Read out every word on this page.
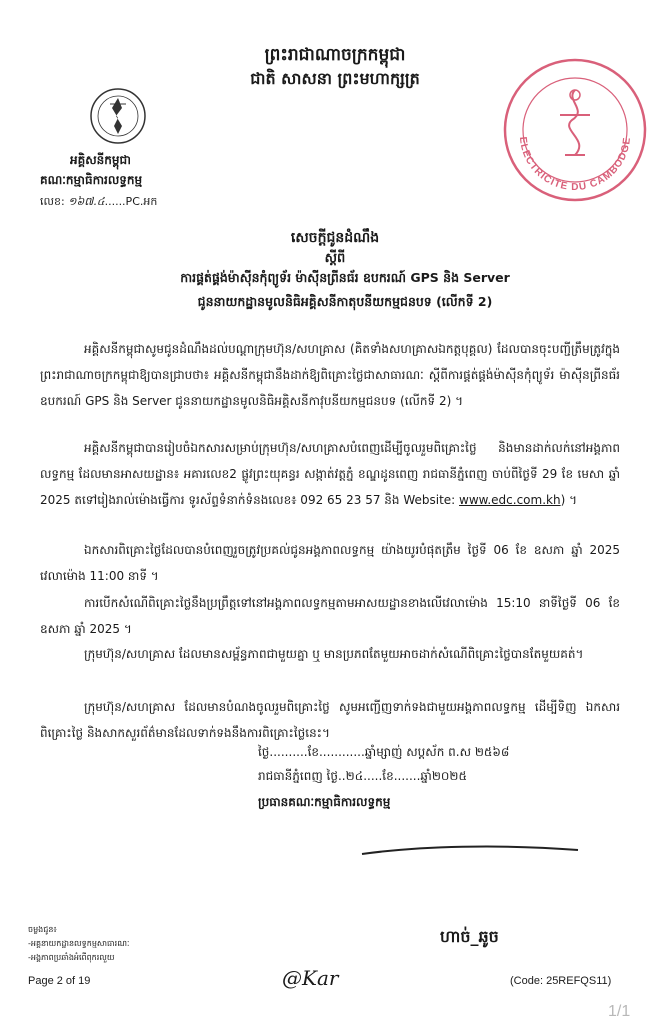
ព្រះរាជាណាចក្រកម្ពុជា
ជាតិ សាសនា ព្រះមហាក្សត្រ
អគ្គិសនីកម្ពុជា
គណៈកម្មាធិការលទ្ធកម្ម
លេខ: ១៦៧.៤......PC.អក
ELECTRICITE DU CAMBODGE
សេចក្តីជូនដំណឹង
ស្តីពី
ការផ្គត់ផ្គង់ម៉ាស៊ីនកុំព្យូទ័រ ម៉ាស៊ីនព្រីនធ័រ ឧបករណ៍ GPS និង Server
ជូននាយកដ្ឋានមូលនិធិអគ្គិសនីកាតុបនីយកម្មជនបទ (លើកទី 2)

អគ្គិសនីកម្ពុជាសូមជូនដំណឹងដល់បណ្តាក្រុមហ៊ុន/សហគ្រាស (គិតទាំងសហគ្រាសឯកត្តបុគ្គល) ដែលបានចុះបញ្ជីត្រឹមត្រូវក្នុងព្រះរាជាណាចក្រកម្ពុជាឱ្យបានជ្រាបថា៖ អគ្គិសនីកម្ពុជានឹងដាក់ឱ្យពិគ្រោះថ្លៃជាសាធារណៈ ស្តីពីការផ្គត់ផ្គង់ម៉ាស៊ីនកុំព្យូទ័រ ម៉ាស៊ីនព្រីនធ័រ ឧបករណ៍ GPS និង Server ជូននាយកដ្ឋានមូលនិធិអគ្គិសនីកាវុបនីយកម្មជនបទ (លើកទី 2) ។

អគ្គិសនីកម្ពុជាបានរៀបចំឯកសារសម្រាប់ក្រុមហ៊ុន/សហគ្រាសបំពេញដើម្បីចូលរួមពិគ្រោះថ្លៃ និងមានដាក់លក់នៅអង្គភាពលទ្ធកម្ម ដែលមានអាសយដ្ឋាន៖ អគារលេខ2 ផ្លូវព្រះយុគន្ធរ សង្កាត់វត្តភ្នំ ខណ្ឌដូនពេញ រាជធានីភ្នំពេញ ចាប់ពីថ្ងៃទី 29 ខែ មេសា ឆ្នាំ 2025 តទៅរៀងរាល់ម៉ោងធ្វើការ ទូរស័ព្ទទំនាក់ទំនងលេខ៖ 092 65 23 57 និង Website: www.edc.com.kh) ។

ឯកសារពិគ្រោះថ្លៃដែលបានបំពេញរួចត្រូវប្រគល់ជូនអង្គភាពលទ្ធកម្ម យ៉ាងយូរបំផុតត្រឹម ថ្ងៃទី 06 ខែ ឧសភា ឆ្នាំ 2025 វេលាម៉ោង 11:00 នាទី ។

ការបើកសំណើពិគ្រោះថ្លៃនឹងប្រព្រឹត្តទៅនៅអង្គភាពលទ្ធកម្មតាមអាសយដ្ឋានខាងលើវេលាម៉ោង 15:10 នាទីថ្ងៃទី 06 ខែ ឧសភា ឆ្នាំ 2025 ។

ក្រុមហ៊ុន/សហគ្រាស ដែលមានសម្ព័ន្ធភាពជាមួយគ្នា ឬ មានប្រភពតែមួយអាចដាក់សំណើពិគ្រោះថ្លៃបានតែមួយគត់។

ក្រុមហ៊ុន/សហគ្រាស ដែលមានបំណងចូលរួមពិគ្រោះថ្លៃ សូមអញ្ជើញទាក់ទងជាមួយអង្គភាពលទ្ធកម្ម ដើម្បីទិញ ឯកសារពិគ្រោះថ្លៃ និងសាកសួរព័ត៌មានដែលទាក់ទងនឹងការពិគ្រោះថ្លៃនេះ។

ថ្ងៃ..........ខែ............ឆ្នាំម្សាញ់ សប្តស័ក ព.ស ២៥៦៨
រាជធានីភ្នំពេញ ថ្ងៃ..២៤.....ខែ.......ឆ្នាំ២០២៥
ប្រធានគណៈកម្មាធិការលទ្ធកម្ម
ហាច់_ឆូច
ចម្លងជូន៖
-អគ្គនាយកដ្ឋានលទ្ធកម្មសាធារណៈ
-អង្គភាពប្រឆាំងអំពើពុករលួយ
Page 2 of 19	@Kar	(Code: 25REFQS11)
1/1
